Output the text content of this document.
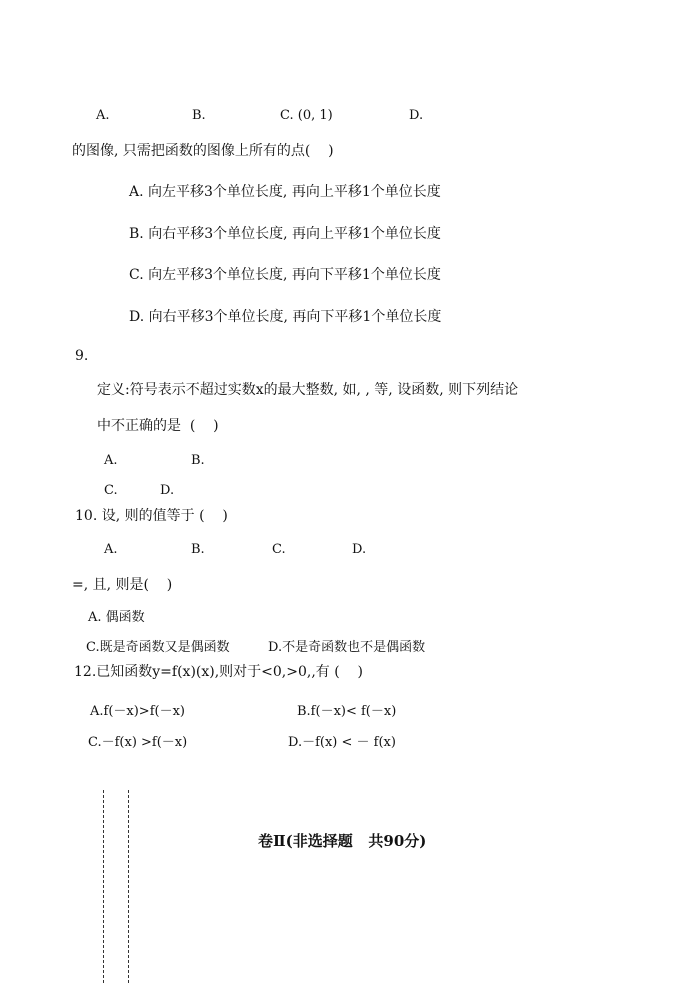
A.	B.	C. (0, 1)	D.
的图像, 只需把函数的图像上所有的点(    )
A. 向左平移3个单位长度, 再向上平移1个单位长度
B. 向右平移3个单位长度, 再向上平移1个单位长度
C. 向左平移3个单位长度, 再向下平移1个单位长度
D. 向右平移3个单位长度, 再向下平移1个单位长度
9.
定义:符号表示不超过实数x的最大整数, 如, , 等, 设函数, 则下列结论
中不正确的是  (    )
A.	B.
C.	D.
10. 设, 则的值等于 (    )
A.	B.	C.	D.
=, 且, 则是(    )
A. 偶函数
C.既是奇函数又是偶函数	D.不是奇函数也不是偶函数
12.已知函数y=f(x)(x),则对于<0,>0,,有 (    )
A.f(－x)>f(－x)	B.f(－x)< f(－x)
C.－f(x) >f(－x)	D.－f(x) < － f(x)
卷Ⅱ(非选择题   共90分)
